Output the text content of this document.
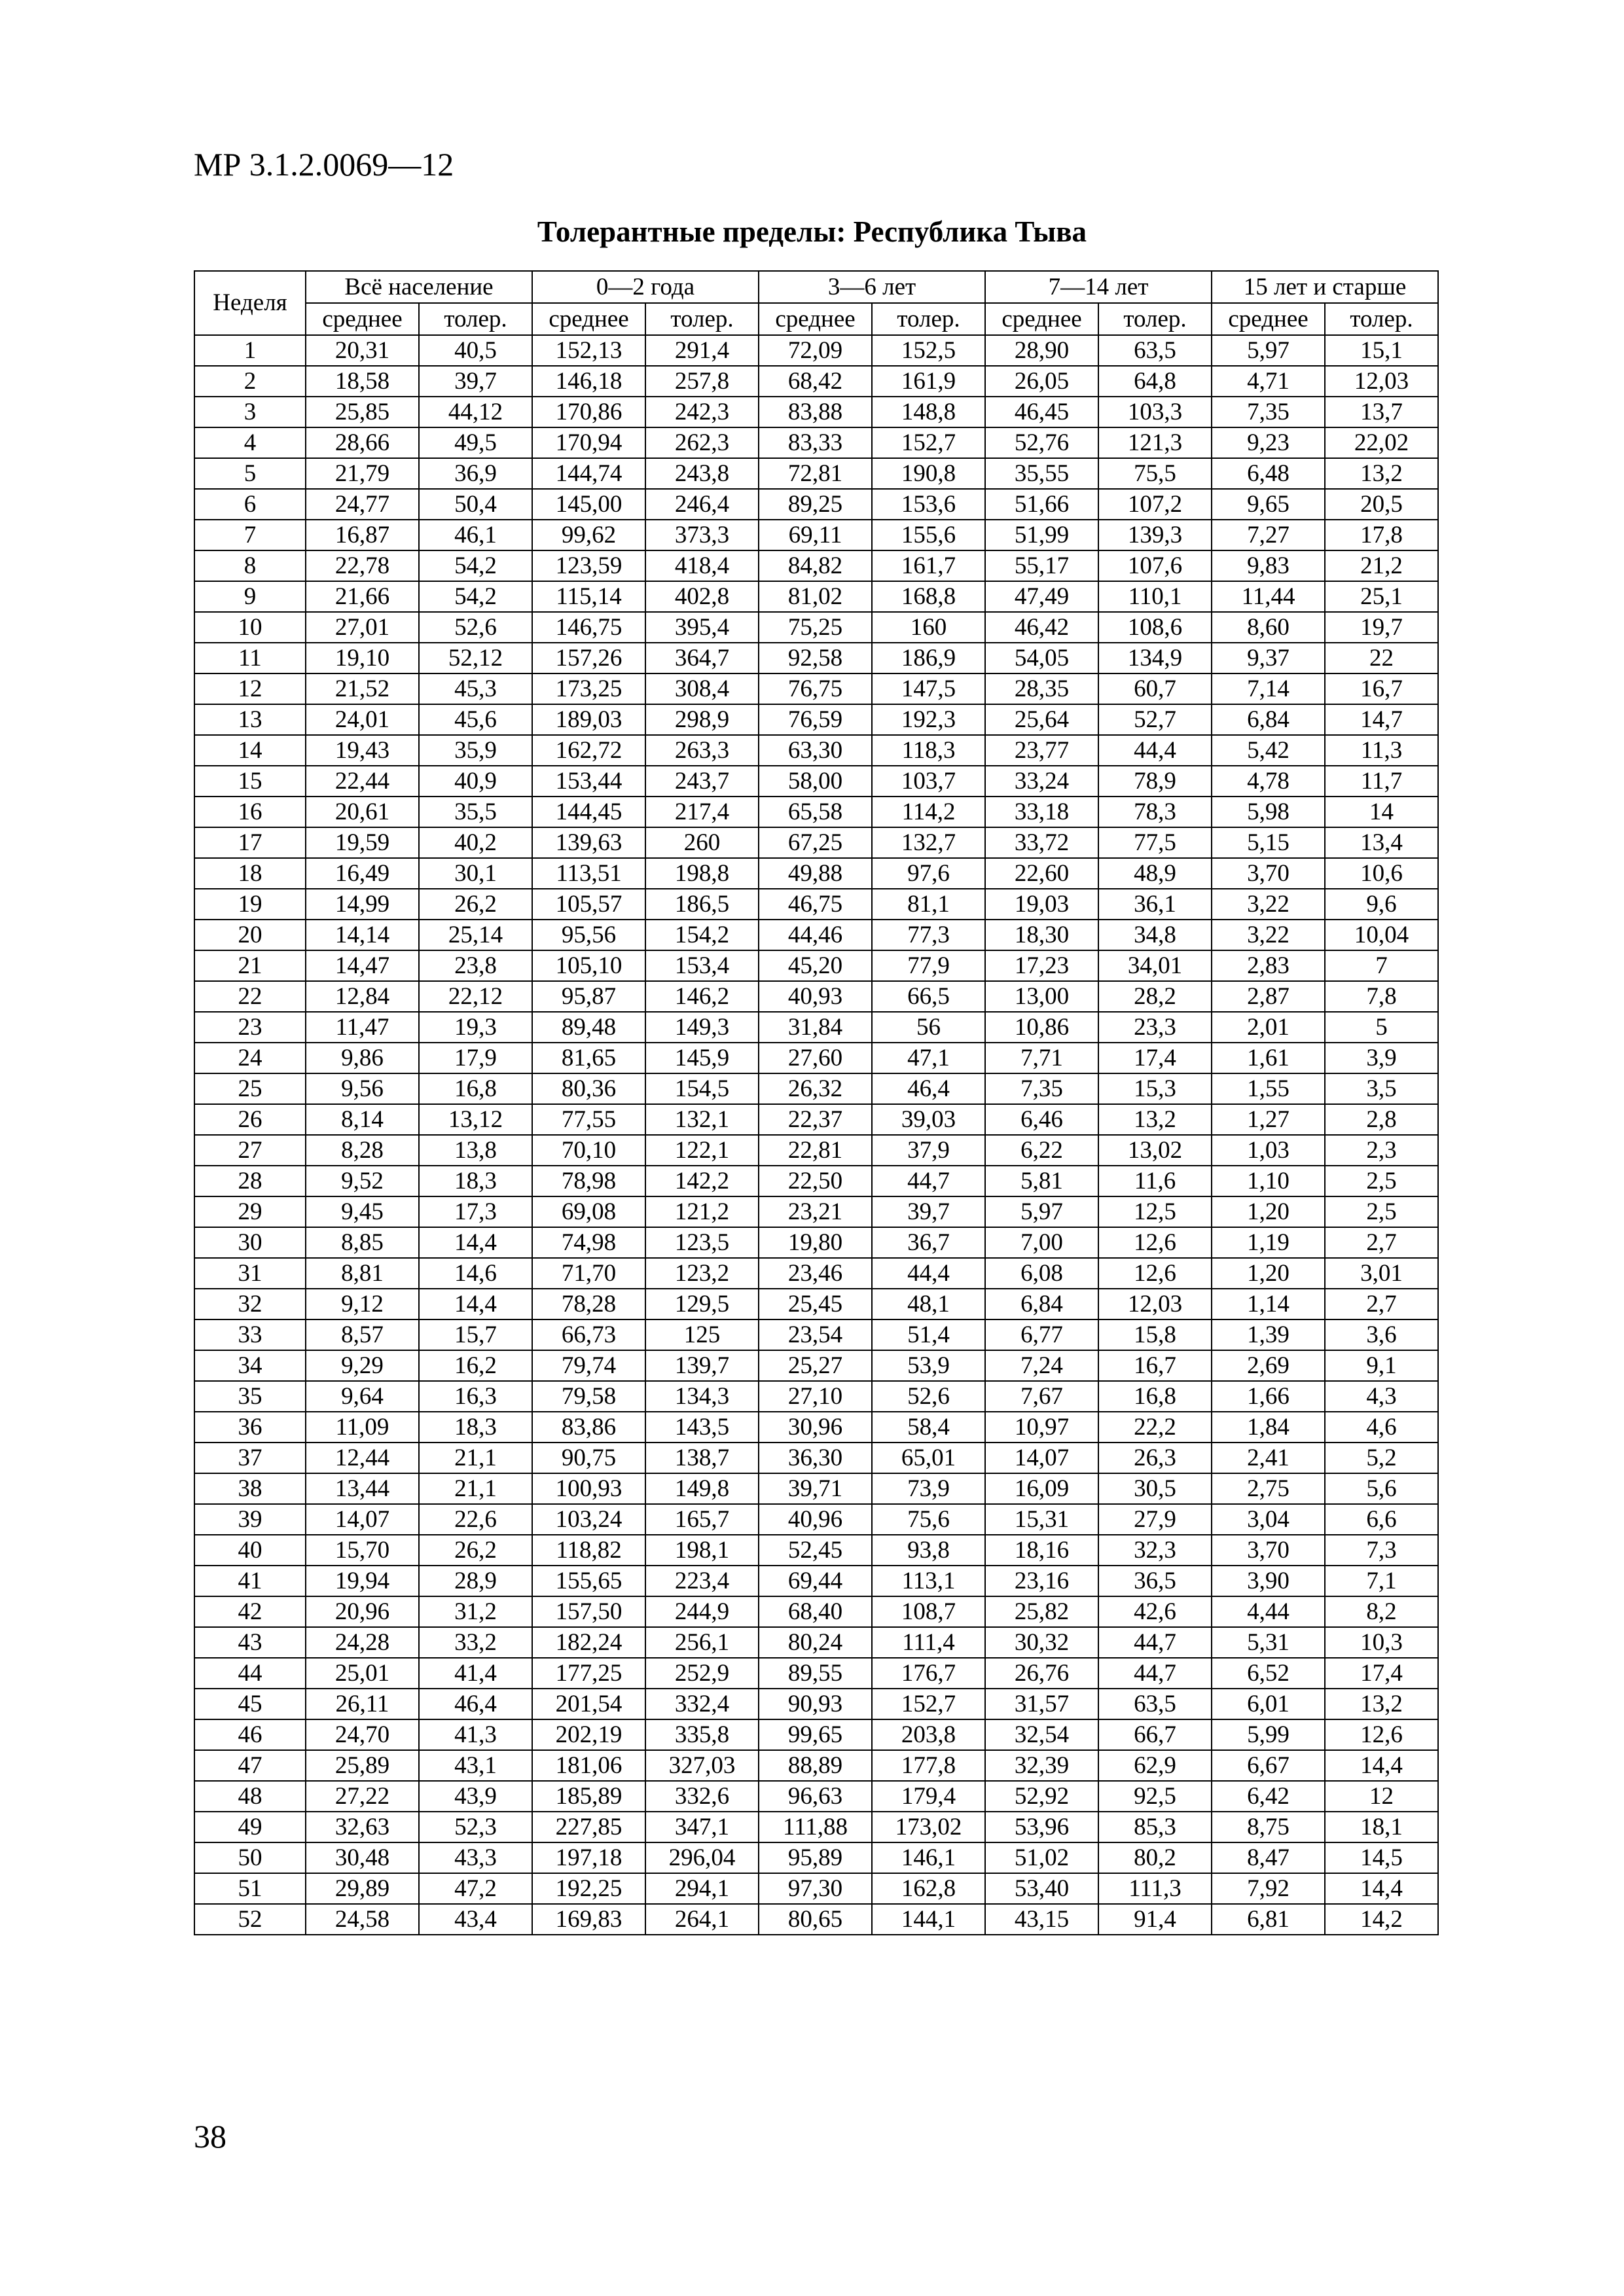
МР 3.1.2.0069—12
Толерантные пределы: Республика Тыва
Неделя	Всё население		0—2 года		3—6 лет		7—14 лет		15 лет и старше	
	среднее	толер.	среднее	толер.	среднее	толер.	среднее	толер.	среднее	толер.
1	20,31	40,5	152,13	291,4	72,09	152,5	28,90	63,5	5,97	15,1
2	18,58	39,7	146,18	257,8	68,42	161,9	26,05	64,8	4,71	12,03
3	25,85	44,12	170,86	242,3	83,88	148,8	46,45	103,3	7,35	13,7
4	28,66	49,5	170,94	262,3	83,33	152,7	52,76	121,3	9,23	22,02
5	21,79	36,9	144,74	243,8	72,81	190,8	35,55	75,5	6,48	13,2
6	24,77	50,4	145,00	246,4	89,25	153,6	51,66	107,2	9,65	20,5
7	16,87	46,1	99,62	373,3	69,11	155,6	51,99	139,3	7,27	17,8
8	22,78	54,2	123,59	418,4	84,82	161,7	55,17	107,6	9,83	21,2
9	21,66	54,2	115,14	402,8	81,02	168,8	47,49	110,1	11,44	25,1
10	27,01	52,6	146,75	395,4	75,25	160	46,42	108,6	8,60	19,7
11	19,10	52,12	157,26	364,7	92,58	186,9	54,05	134,9	9,37	22
12	21,52	45,3	173,25	308,4	76,75	147,5	28,35	60,7	7,14	16,7
13	24,01	45,6	189,03	298,9	76,59	192,3	25,64	52,7	6,84	14,7
14	19,43	35,9	162,72	263,3	63,30	118,3	23,77	44,4	5,42	11,3
15	22,44	40,9	153,44	243,7	58,00	103,7	33,24	78,9	4,78	11,7
16	20,61	35,5	144,45	217,4	65,58	114,2	33,18	78,3	5,98	14
17	19,59	40,2	139,63	260	67,25	132,7	33,72	77,5	5,15	13,4
18	16,49	30,1	113,51	198,8	49,88	97,6	22,60	48,9	3,70	10,6
19	14,99	26,2	105,57	186,5	46,75	81,1	19,03	36,1	3,22	9,6
20	14,14	25,14	95,56	154,2	44,46	77,3	18,30	34,8	3,22	10,04
21	14,47	23,8	105,10	153,4	45,20	77,9	17,23	34,01	2,83	7
22	12,84	22,12	95,87	146,2	40,93	66,5	13,00	28,2	2,87	7,8
23	11,47	19,3	89,48	149,3	31,84	56	10,86	23,3	2,01	5
24	9,86	17,9	81,65	145,9	27,60	47,1	7,71	17,4	1,61	3,9
25	9,56	16,8	80,36	154,5	26,32	46,4	7,35	15,3	1,55	3,5
26	8,14	13,12	77,55	132,1	22,37	39,03	6,46	13,2	1,27	2,8
27	8,28	13,8	70,10	122,1	22,81	37,9	6,22	13,02	1,03	2,3
28	9,52	18,3	78,98	142,2	22,50	44,7	5,81	11,6	1,10	2,5
29	9,45	17,3	69,08	121,2	23,21	39,7	5,97	12,5	1,20	2,5
30	8,85	14,4	74,98	123,5	19,80	36,7	7,00	12,6	1,19	2,7
31	8,81	14,6	71,70	123,2	23,46	44,4	6,08	12,6	1,20	3,01
32	9,12	14,4	78,28	129,5	25,45	48,1	6,84	12,03	1,14	2,7
33	8,57	15,7	66,73	125	23,54	51,4	6,77	15,8	1,39	3,6
34	9,29	16,2	79,74	139,7	25,27	53,9	7,24	16,7	2,69	9,1
35	9,64	16,3	79,58	134,3	27,10	52,6	7,67	16,8	1,66	4,3
36	11,09	18,3	83,86	143,5	30,96	58,4	10,97	22,2	1,84	4,6
37	12,44	21,1	90,75	138,7	36,30	65,01	14,07	26,3	2,41	5,2
38	13,44	21,1	100,93	149,8	39,71	73,9	16,09	30,5	2,75	5,6
39	14,07	22,6	103,24	165,7	40,96	75,6	15,31	27,9	3,04	6,6
40	15,70	26,2	118,82	198,1	52,45	93,8	18,16	32,3	3,70	7,3
41	19,94	28,9	155,65	223,4	69,44	113,1	23,16	36,5	3,90	7,1
42	20,96	31,2	157,50	244,9	68,40	108,7	25,82	42,6	4,44	8,2
43	24,28	33,2	182,24	256,1	80,24	111,4	30,32	44,7	5,31	10,3
44	25,01	41,4	177,25	252,9	89,55	176,7	26,76	44,7	6,52	17,4
45	26,11	46,4	201,54	332,4	90,93	152,7	31,57	63,5	6,01	13,2
46	24,70	41,3	202,19	335,8	99,65	203,8	32,54	66,7	5,99	12,6
47	25,89	43,1	181,06	327,03	88,89	177,8	32,39	62,9	6,67	14,4
48	27,22	43,9	185,89	332,6	96,63	179,4	52,92	92,5	6,42	12
49	32,63	52,3	227,85	347,1	111,88	173,02	53,96	85,3	8,75	18,1
50	30,48	43,3	197,18	296,04	95,89	146,1	51,02	80,2	8,47	14,5
51	29,89	47,2	192,25	294,1	97,30	162,8	53,40	111,3	7,92	14,4
52	24,58	43,4	169,83	264,1	80,65	144,1	43,15	91,4	6,81	14,2
38
